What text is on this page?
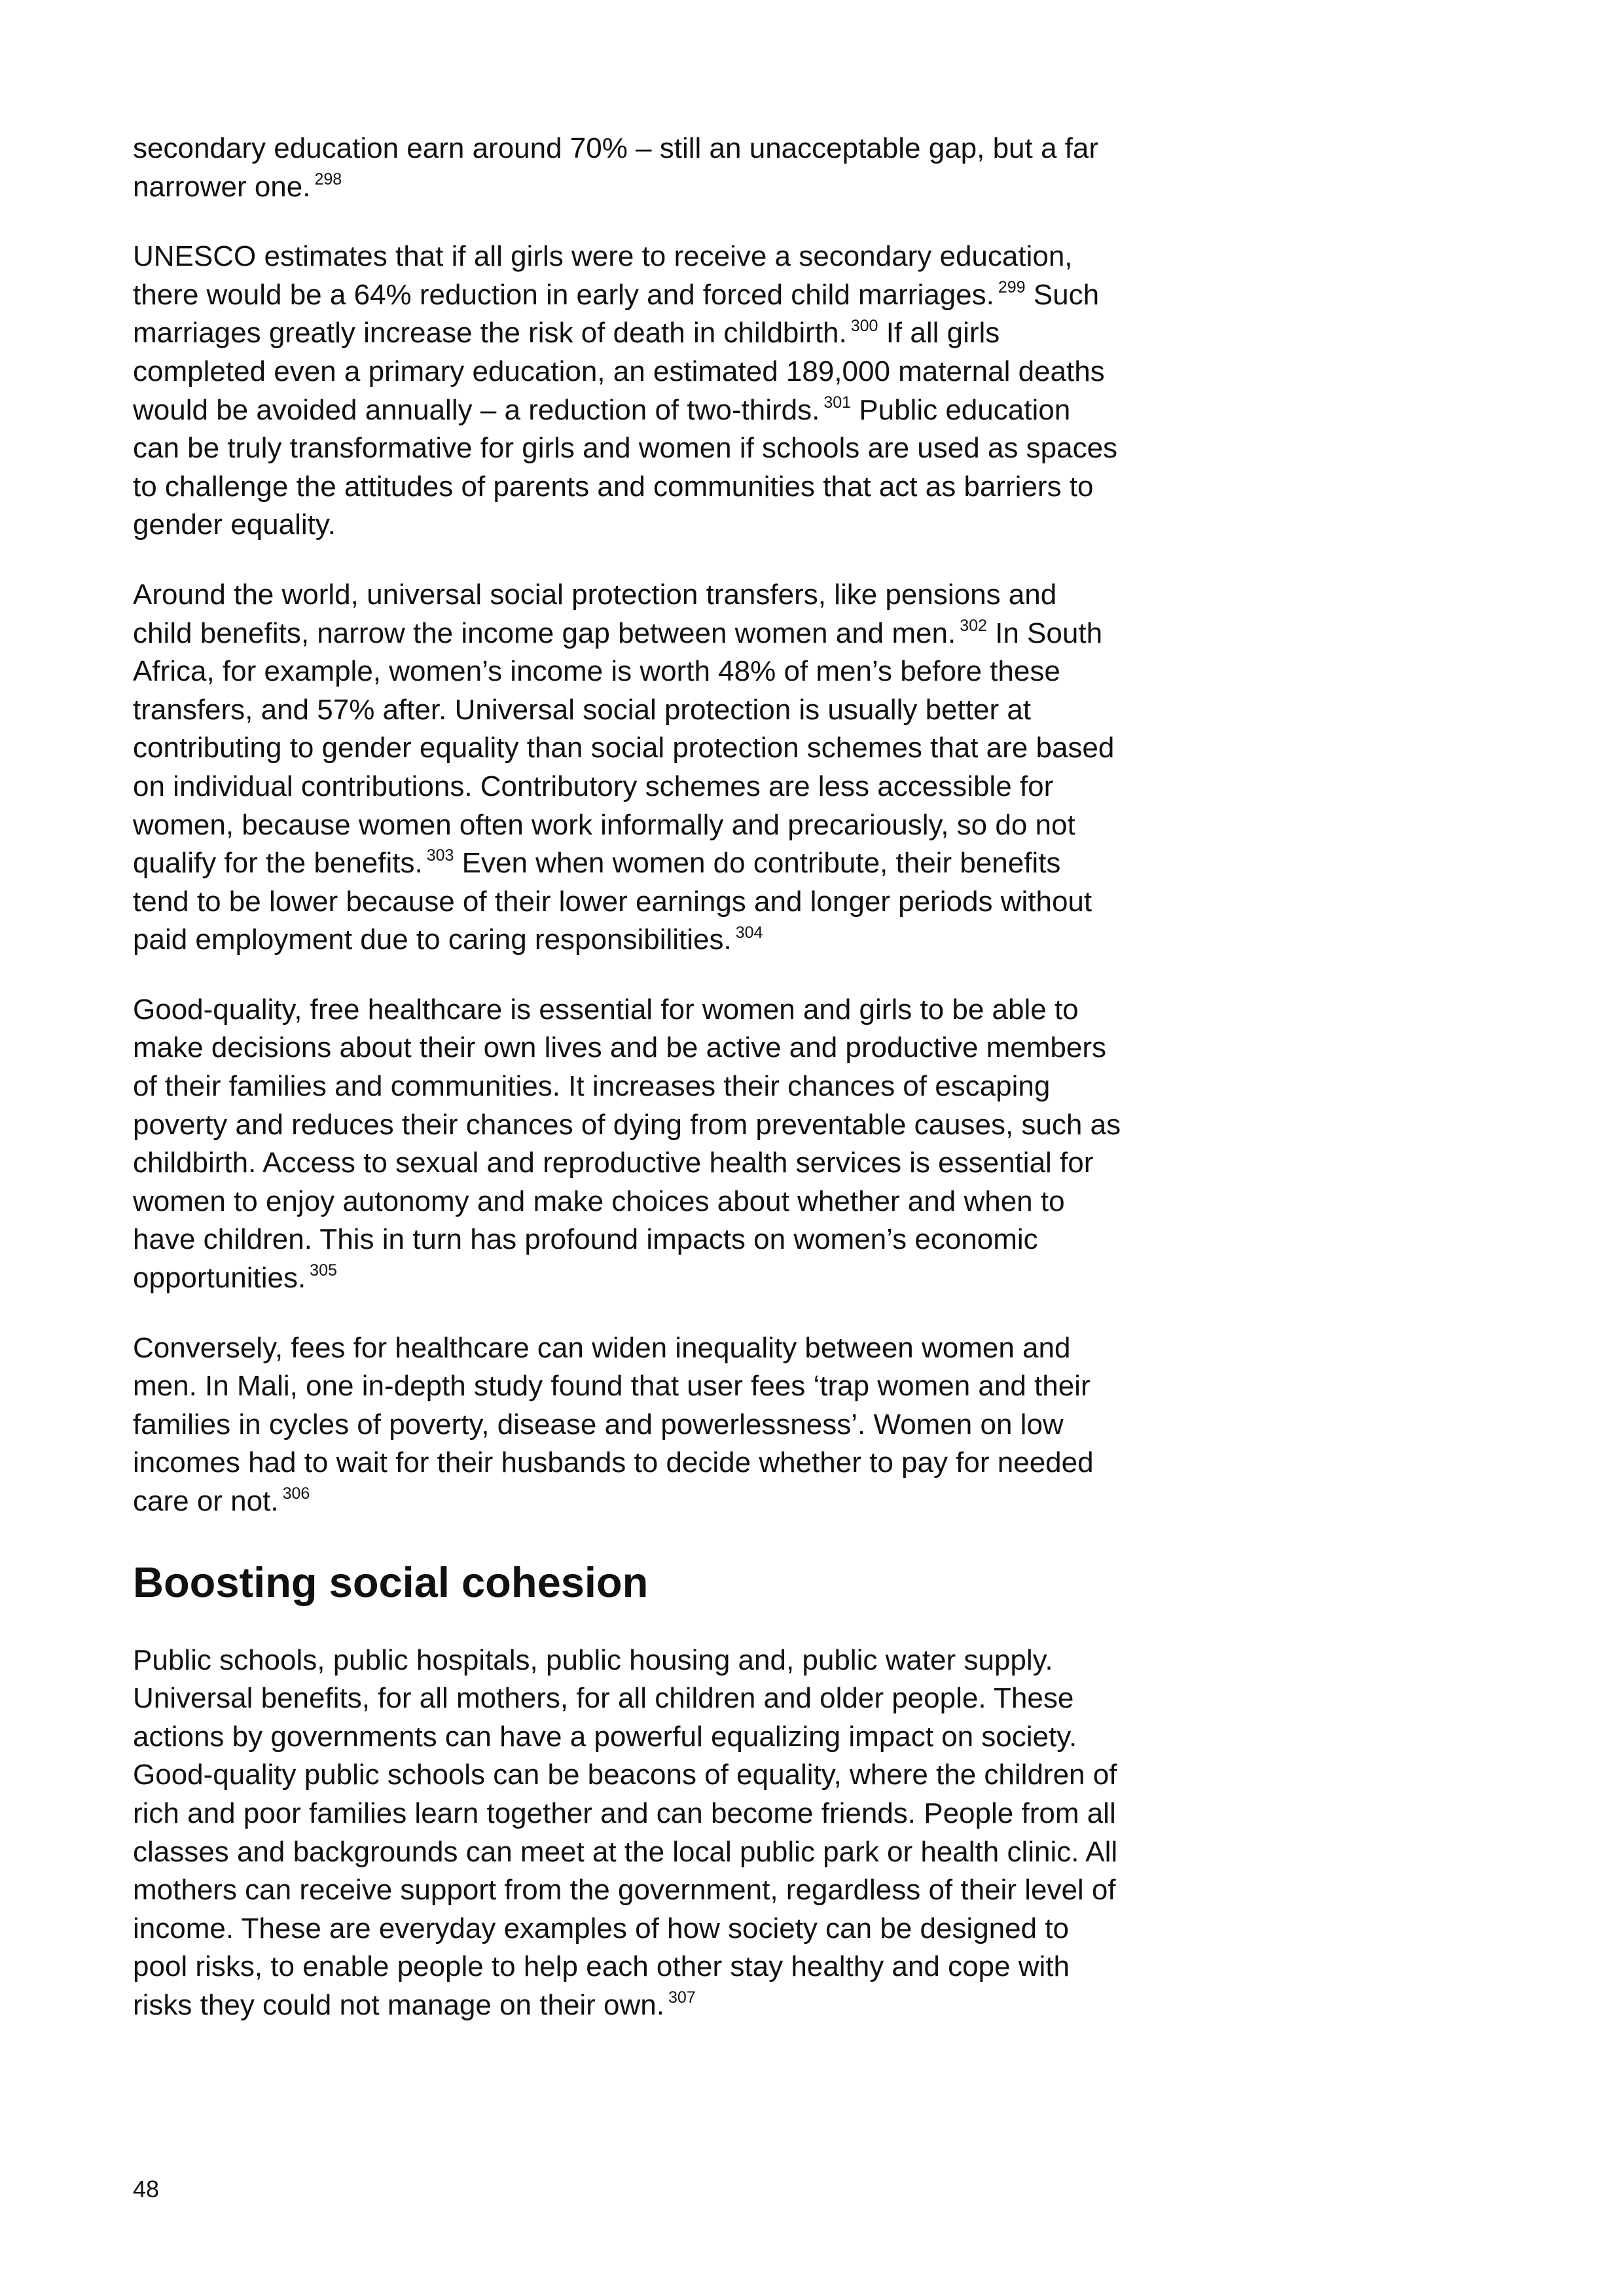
secondary education earn around 70% – still an unacceptable gap, but a far narrower one. $^{298}$

UNESCO estimates that if all girls were to receive a secondary education, there would be a 64% reduction in early and forced child marriages. $^{299}$ Such marriages greatly increase the risk of death in childbirth. $^{300}$ If all girls completed even a primary education, an estimated 189,000 maternal deaths would be avoided annually – a reduction of two-thirds. $^{301}$ Public education can be truly transformative for girls and women if schools are used as spaces to challenge the attitudes of parents and communities that act as barriers to gender equality.

Around the world, universal social protection transfers, like pensions and child benefits, narrow the income gap between women and men. $^{302}$ In South Africa, for example, women’s income is worth 48% of men’s before these transfers, and 57% after. Universal social protection is usually better at contributing to gender equality than social protection schemes that are based on individual contributions. Contributory schemes are less accessible for women, because women often work informally and precariously, so do not qualify for the benefits. $^{303}$ Even when women do contribute, their benefits tend to be lower because of their lower earnings and longer periods without paid employment due to caring responsibilities. $^{304}$

Good-quality, free healthcare is essential for women and girls to be able to make decisions about their own lives and be active and productive members of their families and communities. It increases their chances of escaping poverty and reduces their chances of dying from preventable causes, such as childbirth. Access to sexual and reproductive health services is essential for women to enjoy autonomy and make choices about whether and when to have children. This in turn has profound impacts on women’s economic opportunities. $^{305}$

Conversely, fees for healthcare can widen inequality between women and men. In Mali, one in-depth study found that user fees ‘trap women and their families in cycles of poverty, disease and powerlessness’. Women on low incomes had to wait for their husbands to decide whether to pay for needed care or not. $^{306}$

Boosting social cohesion

Public schools, public hospitals, public housing and, public water supply. Universal benefits, for all mothers, for all children and older people. These actions by governments can have a powerful equalizing impact on society. Good-quality public schools can be beacons of equality, where the children of rich and poor families learn together and can become friends. People from all classes and backgrounds can meet at the local public park or health clinic. All mothers can receive support from the government, regardless of their level of income. These are everyday examples of how society can be designed to pool risks, to enable people to help each other stay healthy and cope with risks they could not manage on their own. $^{307}$

48
